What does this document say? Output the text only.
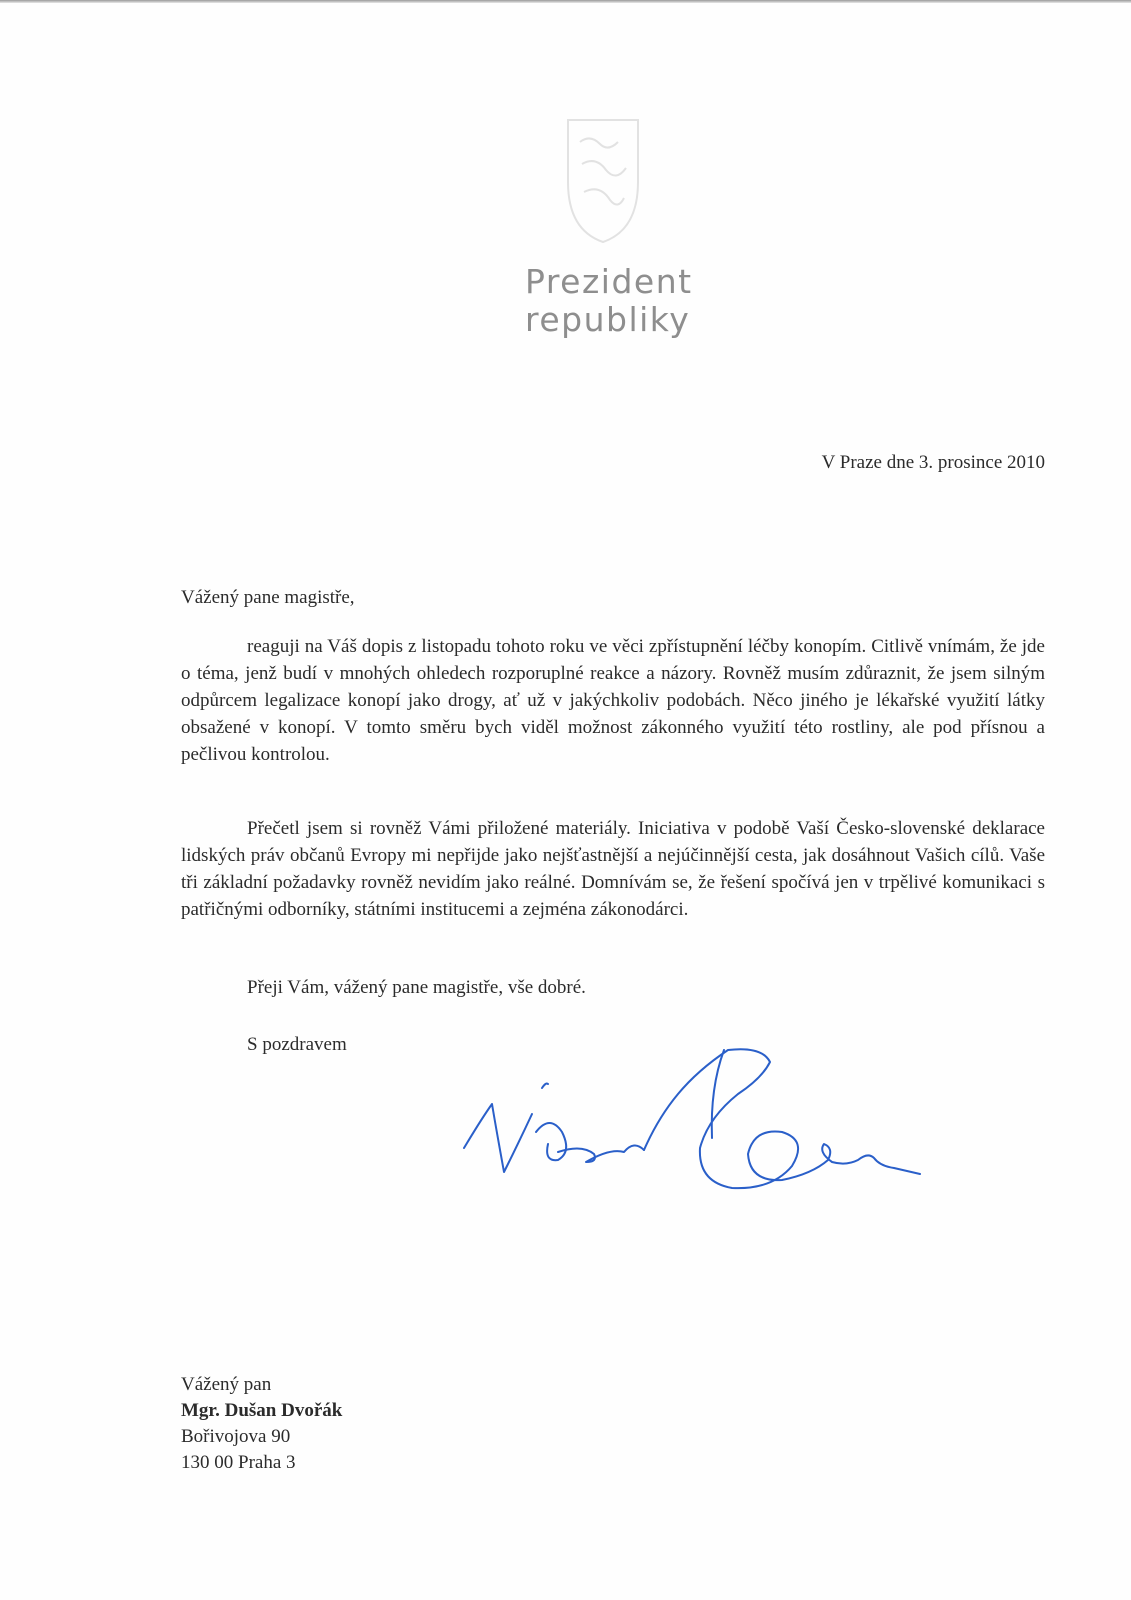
Prezident
republiky
V Praze dne 3. prosince 2010
Vážený pane magistře,

reaguji na Váš dopis z listopadu tohoto roku ve věci zpřístupnění léčby konopím. Citlivě vnímám, že jde o téma, jenž budí v mnohých ohledech rozporuplné reakce a názory. Rovněž musím zdůraznit, že jsem silným odpůrcem legalizace konopí jako drogy, ať už v jakýchkoliv podobách. Něco jiného je lékařské využití látky obsažené v konopí. V tomto směru bych viděl možnost zákonného využití této rostliny, ale pod přísnou a pečlivou kontrolou.

Přečetl jsem si rovněž Vámi přiložené materiály. Iniciativa v podobě Vaší Česko-slovenské deklarace lidských práv občanů Evropy mi nepřijde jako nejšťastnější a nejúčinnější cesta, jak dosáhnout Vašich cílů. Vaše tři základní požadavky rovněž nevidím jako reálné. Domnívám se, že řešení spočívá jen v trpělivé komunikaci s patřičnými odborníky, státními institucemi a zejména zákonodárci.

Přeji Vám, vážený pane magistře, vše dobré.

S pozdravem

Vážený pan
Mgr. Dušan Dvořák
Bořivojova 90
130 00 Praha 3
